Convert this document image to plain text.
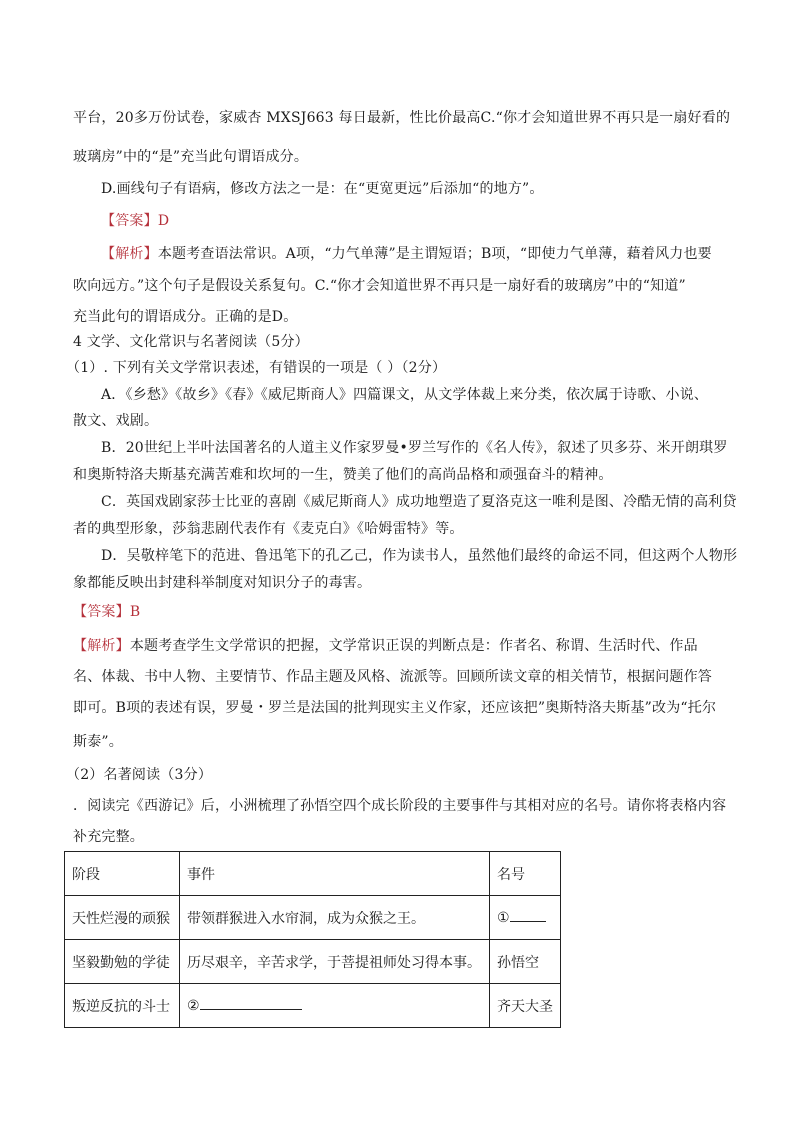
平台，20多万份试卷，家威杏 MXSJ663 每日最新，性比价最高C.“你才会知道世界不再只是一扇好看的
玻璃房”中的“是”充当此句谓语成分。
D.画线句子有语病，修改方法之一是：在“更宽更远”后添加“的地方”。
【答案】D
【解析】本题考查语法常识。A项，“力气单薄”是主谓短语；B项，“即使力气单薄，藉着风力也要
吹向远方。”这个句子是假设关系复句。C.“你才会知道世界不再只是一扇好看的玻璃房”中的“知道”
充当此句的谓语成分。正确的是D。
4 文学、文化常识与名著阅读（5分）
（1）. 下列有关文学常识表述，有错误的一项是（ ）（2分）
A．《乡愁》《故乡》《春》《威尼斯商人》四篇课文，从文学体裁上来分类，依次属于诗歌、小说、
散文、戏剧。
B．20世纪上半叶法国著名的人道主义作家罗曼•罗兰写作的《名人传》，叙述了贝多芬、米开朗琪罗
和奥斯特洛夫斯基充满苦难和坎坷的一生，赞美了他们的高尚品格和顽强奋斗的精神。
C．英国戏剧家莎士比亚的喜剧《威尼斯商人》成功地塑造了夏洛克这一唯利是图、冷酷无情的高利贷
者的典型形象，莎翁悲剧代表作有《麦克白》《哈姆雷特》等。
D．吴敬梓笔下的范进、鲁迅笔下的孔乙己，作为读书人，虽然他们最终的命运不同，但这两个人物形
象都能反映出封建科举制度对知识分子的毒害。
【答案】B
【解析】本题考查学生文学常识的把握，文学常识正误的判断点是：作者名、称谓、生活时代、作品
名、体裁、书中人物、主要情节、作品主题及风格、流派等。回顾所读文章的相关情节，根据问题作答
即可。B项的表述有误，罗曼・罗兰是法国的批判现实主义作家，还应该把”奥斯特洛夫斯基”改为“托尔
斯泰”。
（2）名著阅读（3分）
．阅读完《西游记》后，小洲梳理了孙悟空四个成长阶段的主要事件与其相对应的名号。请你将表格内容
补充完整。
阶段	事件	名号
天性烂漫的顽猴	带领群猴进入水帘洞，成为众猴之王。	①
坚毅勤勉的学徒	历尽艰辛，辛苦求学，于菩提祖师处习得本事。	孙悟空
叛逆反抗的斗士	②	齐天大圣
